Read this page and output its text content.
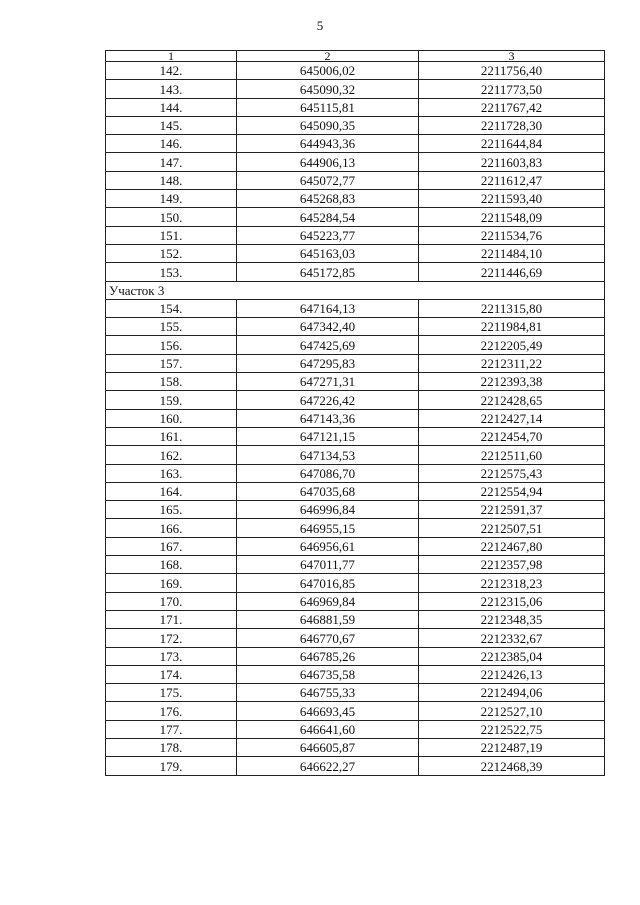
5
1	2	3
142.	645006,02	2211756,40
143.	645090,32	2211773,50
144.	645115,81	2211767,42
145.	645090,35	2211728,30
146.	644943,36	2211644,84
147.	644906,13	2211603,83
148.	645072,77	2211612,47
149.	645268,83	2211593,40
150.	645284,54	2211548,09
151.	645223,77	2211534,76
152.	645163,03	2211484,10
153.	645172,85	2211446,69
Участок 3		
154.	647164,13	2211315,80
155.	647342,40	2211984,81
156.	647425,69	2212205,49
157.	647295,83	2212311,22
158.	647271,31	2212393,38
159.	647226,42	2212428,65
160.	647143,36	2212427,14
161.	647121,15	2212454,70
162.	647134,53	2212511,60
163.	647086,70	2212575,43
164.	647035,68	2212554,94
165.	646996,84	2212591,37
166.	646955,15	2212507,51
167.	646956,61	2212467,80
168.	647011,77	2212357,98
169.	647016,85	2212318,23
170.	646969,84	2212315,06
171.	646881,59	2212348,35
172.	646770,67	2212332,67
173.	646785,26	2212385,04
174.	646735,58	2212426,13
175.	646755,33	2212494,06
176.	646693,45	2212527,10
177.	646641,60	2212522,75
178.	646605,87	2212487,19
179.	646622,27	2212468,39
